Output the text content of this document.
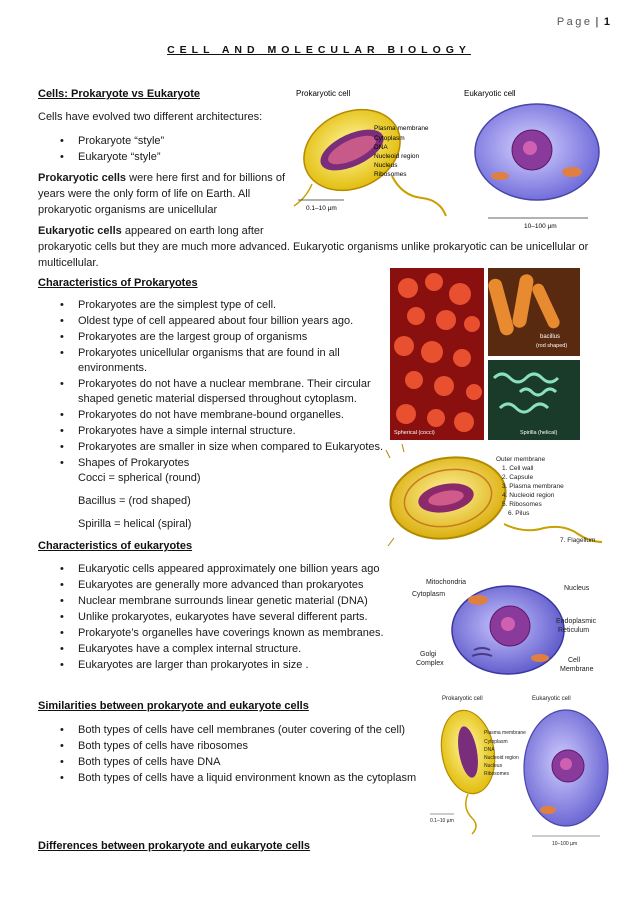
Page | 1
CELL AND MOLECULAR BIOLOGY
Cells: Prokaryote vs Eukaryote
Cells have evolved two different architectures:
• Prokaryote “style”
• Eukaryote “style”
Prokaryotic cells were here first and for billions of
years were the only form of life on Earth. All
prokaryotic organisms are unicellular
Eukaryotic cells appeared on earth long after
prokaryotic cells but they are much more advanced. Eukaryotic organisms unlike prokaryotic can be unicellular or
multicellular.
Prokaryotic cell	Eukaryotic cell
Plasma membrane
Cytoplasm
DNA
Nucleoid region
Nucleus
Ribosomes
0.1–10 µm
10–100 µm
Characteristics of Prokaryotes
• Prokaryotes are the simplest type of cell.
• Oldest type of cell appeared about four billion years ago.
• Prokaryotes are the largest group of organisms
• Prokaryotes unicellular organisms that are found in all
environments.
• Prokaryotes do not have a nuclear membrane. Their circular
shaped genetic material dispersed throughout cytoplasm.
• Prokaryotes do not have membrane-bound organelles.
• Prokaryotes have a simple internal structure.
• Prokaryotes are smaller in size when compared to Eukaryotes.
• Shapes of Prokaryotes
Cocci = spherical (round)
Bacillus = (rod shaped)
Spirilla = helical (spiral)
Spherical (cocci)
bacillus
(rod shaped)
Spirilla (helical)
Outer membrane
1. Cell wall
2. Capsule
3. Plasma membrane
4. Nucleoid region
5. Ribosomes
6. Pilus
7. Flagellum
Characteristics of eukaryotes
• Eukaryotic cells appeared approximately one billion years ago
• Eukaryotes are generally more advanced than prokaryotes
• Nuclear membrane surrounds linear genetic material (DNA)
• Unlike prokaryotes, eukaryotes have several different parts.
• Prokaryote’s organelles have coverings known as membranes.
• Eukaryotes have a complex internal structure.
• Eukaryotes are larger than prokaryotes in size .
Mitochondria
Cytoplasm
Nucleus
Endoplasmic
Reticulum
Golgi
Complex	Cell
Membrane
Similarities between prokaryote and eukaryote cells
• Both types of cells have cell membranes (outer covering of the cell)
• Both types of cells have ribosomes
• Both types of cells have DNA
• Both types of cells have a liquid environment known as the cytoplasm
Prokaryotic cell	Eukaryotic cell
Plasma membrane
Cytoplasm
DNA
Nucleoid region
Nucleus
Ribosomes
0.1–10 µm
10–100 µm
Differences between prokaryote and eukaryote cells
